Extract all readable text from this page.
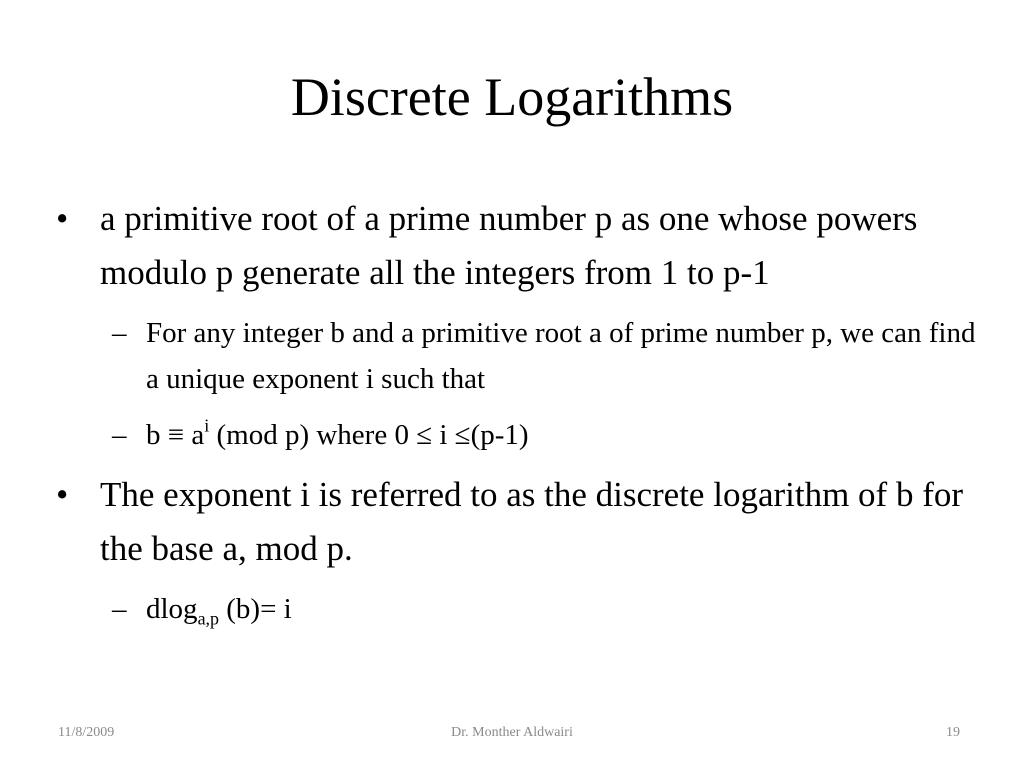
Discrete Logarithms
• a primitive root of a prime number p as one whose powers modulo p generate all the integers from 1 to p-1
– For any integer b and a primitive root a of prime number p, we can find a unique exponent i such that
– $b \equiv a^i$ (mod p) where 0 ≤ i ≤(p-1)
• The exponent i is referred to as the discrete logarithm of b for the base a, mod p.
– dlog$_{a,p}$ (b)= i
11/8/2009	Dr. Monther Aldwairi	19
